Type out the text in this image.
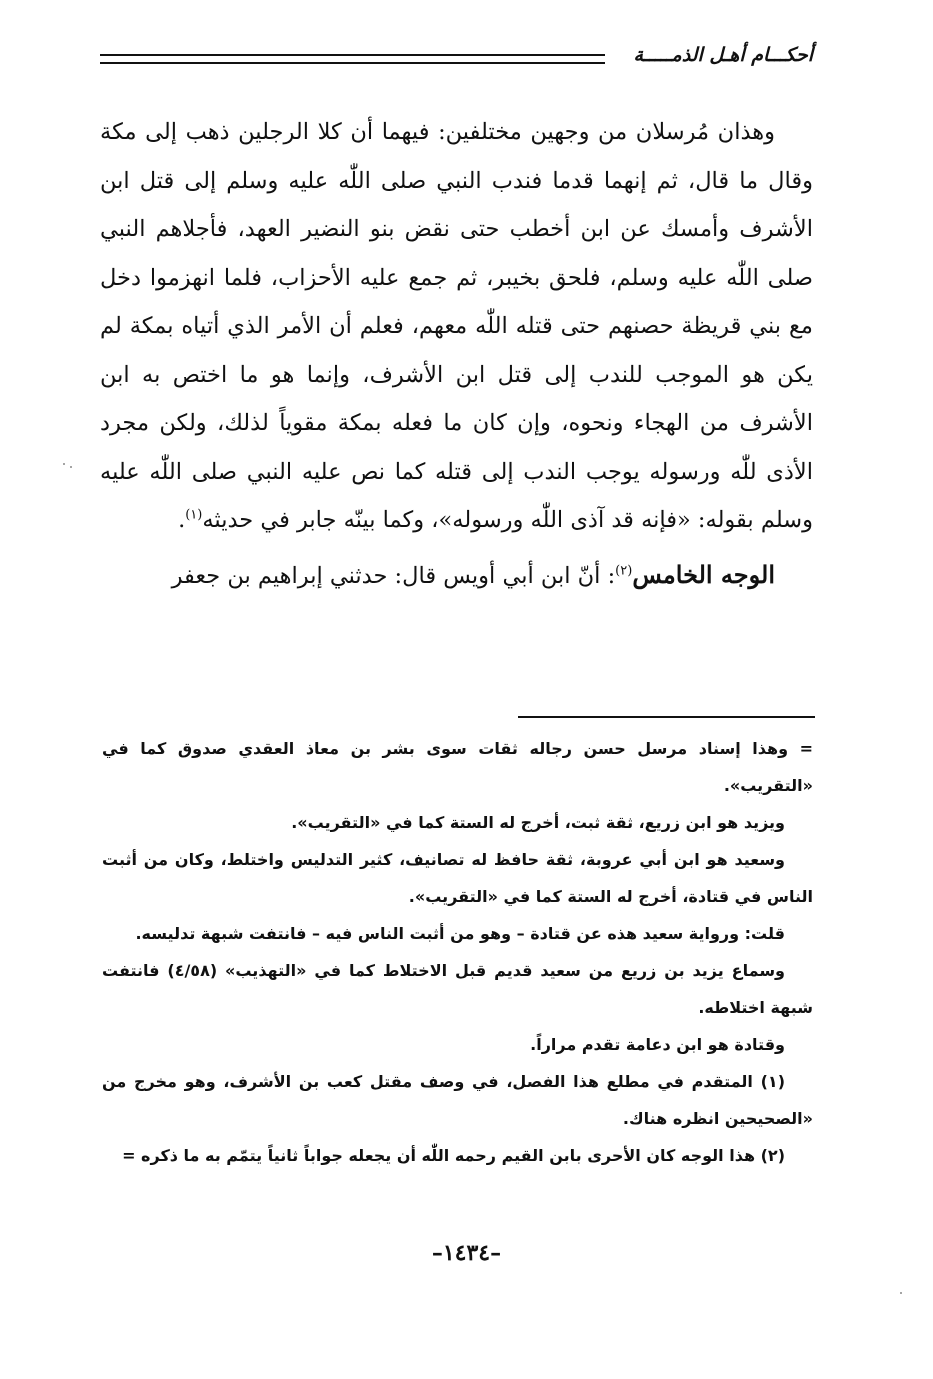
أحكـــام أهـل الذمـــــة

وهذان مُرسلان من وجهين مختلفين: فيهما أن كلا الرجلين ذهب إلى مكة وقال ما قال، ثم إنهما قدما فندب النبي صلى اللّٰه عليه وسلم إلى قتل ابن الأشرف وأمسك عن ابن أخطب حتى نقض بنو النضير العهد، فأجلاهم النبي صلى اللّٰه عليه وسلم، فلحق بخيبر، ثم جمع عليه الأحزاب، فلما انهزموا دخل مع بني قريظة حصنهم حتى قتله اللّٰه معهم، فعلم أن الأمر الذي أتياه بمكة لم يكن هو الموجب للندب إلى قتل ابن الأشرف، وإنما هو ما اختص به ابن الأشرف من الهجاء ونحوه، وإن كان ما فعله بمكة مقوياً لذلك، ولكن مجرد الأذى للّٰه ورسوله يوجب الندب إلى قتله كما نص عليه النبي صلى اللّٰه عليه وسلم بقوله: «فإنه قد آذى اللّٰه ورسوله»، وكما بينّه جابر في حديثه$^{(١)}$.

الوجه الخامس$^{(٢)}$: أنّ ابن أبي أويس قال: حدثني إبراهيم بن جعفر

= وهذا إسناد مرسل حسن رجاله ثقات سوى بشر بن معاذ العقدي صدوق كما في «التقريب».

ويزيد هو ابن زريع، ثقة ثبت، أخرج له الستة كما في «التقريب».

وسعيد هو ابن أبي عروبة، ثقة حافظ له تصانيف، كثير التدليس واختلط، وكان من أثبت الناس في قتادة، أخرج له الستة كما في «التقريب».

قلت: ورواية سعيد هذه عن قتادة – وهو من أثبت الناس فيه – فانتفت شبهة تدليسه.

وسماع يزيد بن زريع من سعيد قديم قبل الاختلاط كما في «التهذيب» (٤/٥٨) فانتفت شبهة اختلاطه.

وقتادة هو ابن دعامة تقدم مراراً.

(١) المتقدم في مطلع هذا الفصل، في وصف مقتل كعب بن الأشرف، وهو مخرج من «الصحيحين انظره هناك.

(٢) هذا الوجه كان الأحرى بابن القيم رحمه اللّٰه أن يجعله جواباً ثانياً يتمّم به ما ذكره =

–١٤٣٤–
